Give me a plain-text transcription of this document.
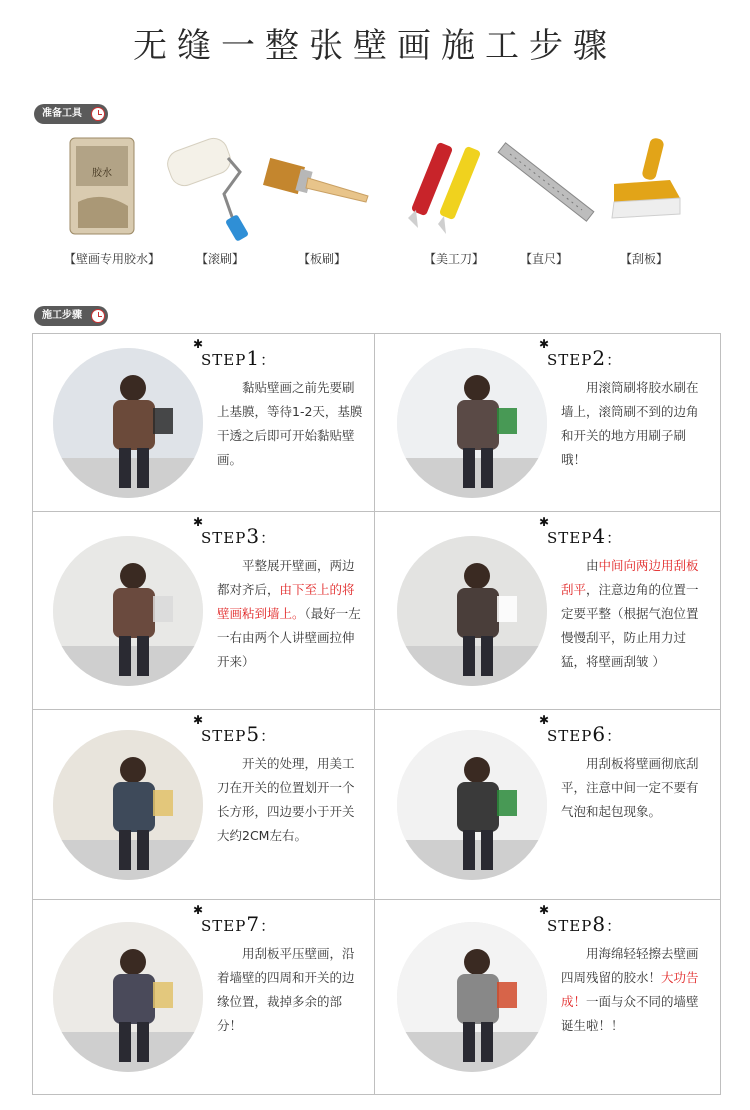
无缝一整张壁画施工步骤
准备工具
胶水
【壁画专用胶水】	【滚刷】	【板刷】	【美工刀】	【直尺】	【刮板】
施工步骤
✱
STEP1：
黏贴壁画之前先要刷上基膜，等待1-2天，基膜干透之后即可开始黏贴壁画。
✱
STEP2：
用滚筒刷将胶水刷在墙上，滚筒刷不到的边角和开关的地方用刷子刷哦！
✱
STEP3：
平整展开壁画，两边都对齐后，由下至上的将壁画粘到墙上。（最好一左一右由两个人讲壁画拉伸开来）
✱
STEP4：
由中间向两边用刮板刮平，注意边角的位置一定要平整（根据气泡位置慢慢刮平，防止用力过猛，将壁画刮皱 ）
✱
STEP5：
开关的处理，用美工刀在开关的位置划开一个长方形，四边要小于开关大约2CM左右。
✱
STEP6：
用刮板将壁画彻底刮平，注意中间一定不要有气泡和起包现象。
✱
STEP7：
用刮板平压壁画，沿着墙壁的四周和开关的边缘位置，裁掉多余的部分！
✱
STEP8：
用海绵轻轻擦去壁画四周残留的胶水！大功告成！一面与众不同的墙壁诞生啦！！
